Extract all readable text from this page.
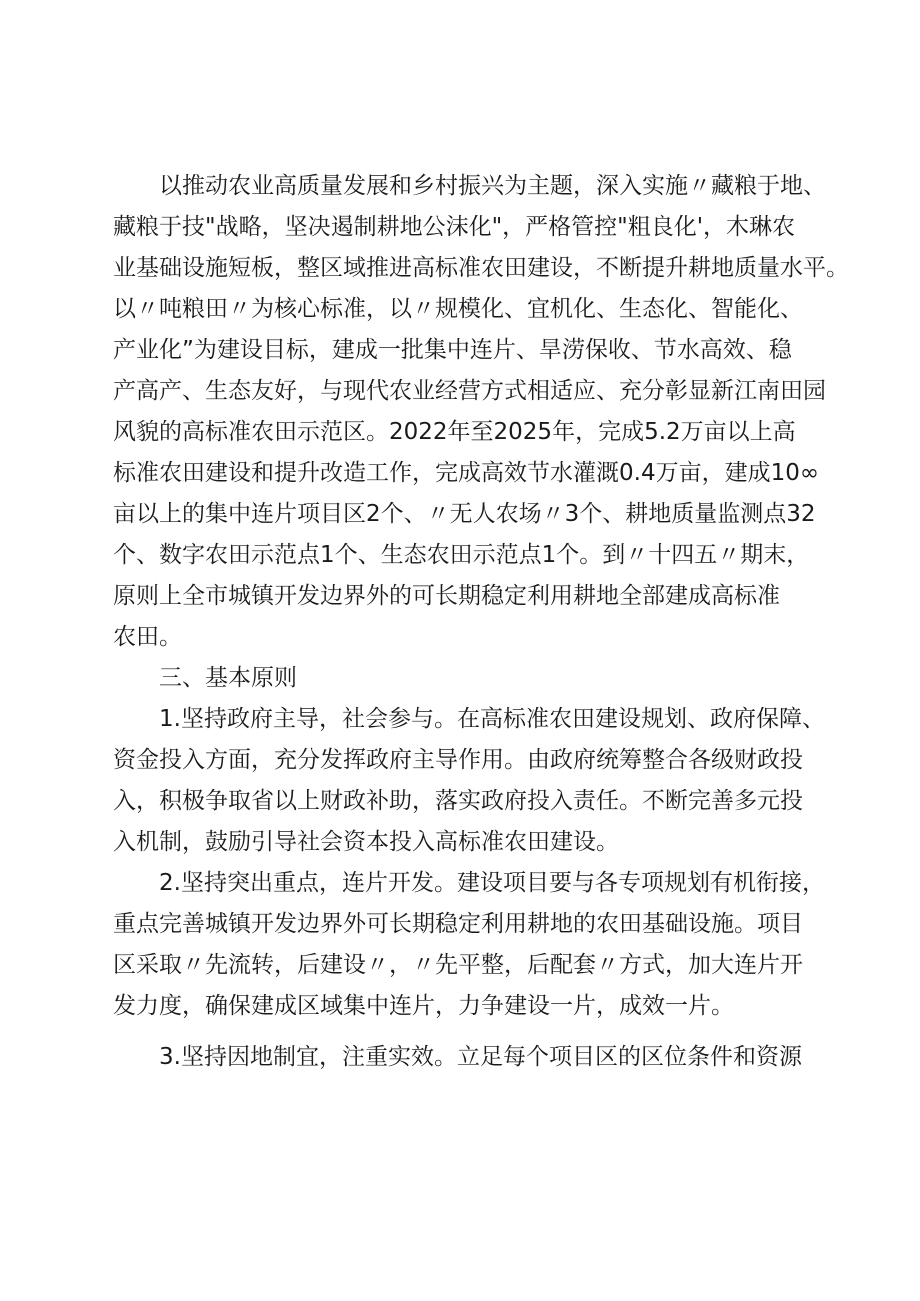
　　以推动农业高质量发展和乡村振兴为主题，深入实施〃藏粮于地、
藏粮于技"战略，坚决遏制耕地公沫化"，严格管控"粗良化'，木琳农
业基础设施短板，整区域推进高标准农田建设，不断提升耕地质量水平。
以〃吨粮田〃为核心标准，以〃规模化、宜机化、生态化、智能化、
产业化”为建设目标，建成一批集中连片、旱涝保收、节水高效、稳
产高产、生态友好，与现代农业经营方式相适应、充分彰显新江南田园
风貌的高标准农田示范区。2022年至2025年，完成5.2万亩以上高
标准农田建设和提升改造工作，完成高效节水灌溉0.4万亩，建成10∞
亩以上的集中连片项目区2个、〃无人农场〃3个、耕地质量监测点32
个、数字农田示范点1个、生态农田示范点1个。到〃十四五〃期末，
原则上全市城镇开发边界外的可长期稳定利用耕地全部建成高标准
农田。
　　三、基本原则
　　1.坚持政府主导，社会参与。在高标准农田建设规划、政府保障、
资金投入方面，充分发挥政府主导作用。由政府统筹整合各级财政投
入，积极争取省以上财政补助，落实政府投入责任。不断完善多元投
入机制，鼓励引导社会资本投入高标准农田建设。
　　2.坚持突出重点，连片开发。建设项目要与各专项规划有机衔接，
重点完善城镇开发边界外可长期稳定利用耕地的农田基础设施。项目
区采取〃先流转，后建设〃，〃先平整，后配套〃方式，加大连片开
发力度，确保建成区域集中连片，力争建设一片，成效一片。
　　3.坚持因地制宜，注重实效。立足每个项目区的区位条件和资源
